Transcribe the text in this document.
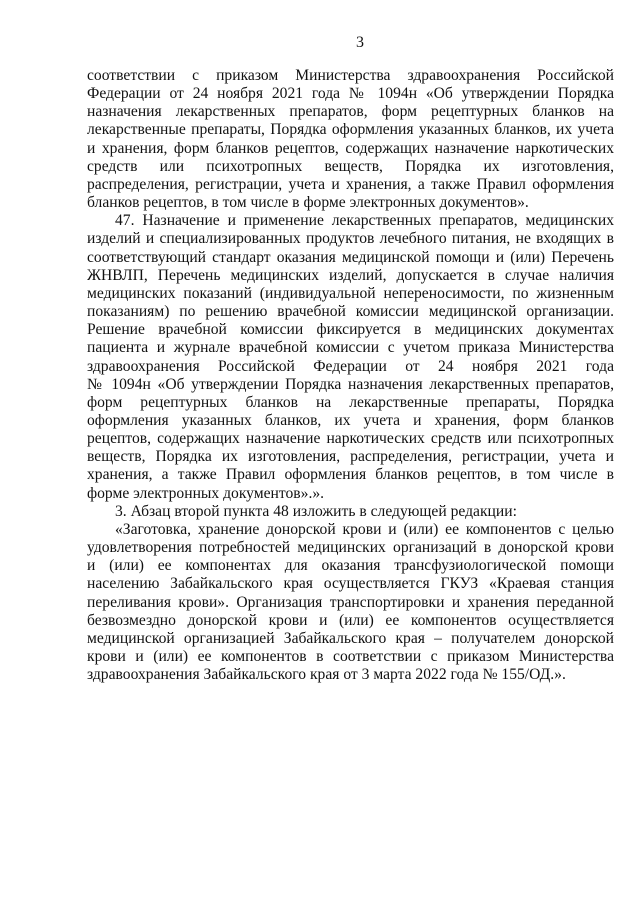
3
соответствии с приказом Министерства здравоохранения Российской
Федерации от 24 ноября 2021 года № 1094н «Об утверждении Порядка
назначения лекарственных препаратов, форм рецептурных бланков на
лекарственные препараты, Порядка оформления указанных бланков, их учета
и хранения, форм бланков рецептов, содержащих назначение наркотических
средств или психотропных веществ, Порядка их изготовления,
распределения, регистрации, учета и хранения, а также Правил оформления
бланков рецептов, в том числе в форме электронных документов».
47. Назначение и применение лекарственных препаратов, медицинских
изделий и специализированных продуктов лечебного питания, не входящих в
соответствующий стандарт оказания медицинской помощи и (или) Перечень
ЖНВЛП, Перечень медицинских изделий, допускается в случае наличия
медицинских показаний (индивидуальной непереносимости, по жизненным
показаниям) по решению врачебной комиссии медицинской организации.
Решение врачебной комиссии фиксируется в медицинских документах
пациента и журнале врачебной комиссии с учетом приказа Министерства
здравоохранения Российской Федерации от 24 ноября 2021 года
№ 1094н «Об утверждении Порядка назначения лекарственных препаратов,
форм рецептурных бланков на лекарственные препараты, Порядка
оформления указанных бланков, их учета и хранения, форм бланков
рецептов, содержащих назначение наркотических средств или психотропных
веществ, Порядка их изготовления, распределения, регистрации, учета и
хранения, а также Правил оформления бланков рецептов, в том числе в
форме электронных документов».».
3. Абзац второй пункта 48 изложить в следующей редакции:
«Заготовка, хранение донорской крови и (или) ее компонентов с целью
удовлетворения потребностей медицинских организаций в донорской крови
и (или) ее компонентах для оказания трансфузиологической помощи
населению Забайкальского края осуществляется ГКУЗ «Краевая станция
переливания крови». Организация транспортировки и хранения переданной
безвозмездно донорской крови и (или) ее компонентов осуществляется
медицинской организацией Забайкальского края – получателем донорской
крови и (или) ее компонентов в соответствии с приказом Министерства
здравоохранения Забайкальского края от 3 марта 2022 года № 155/ОД.».
